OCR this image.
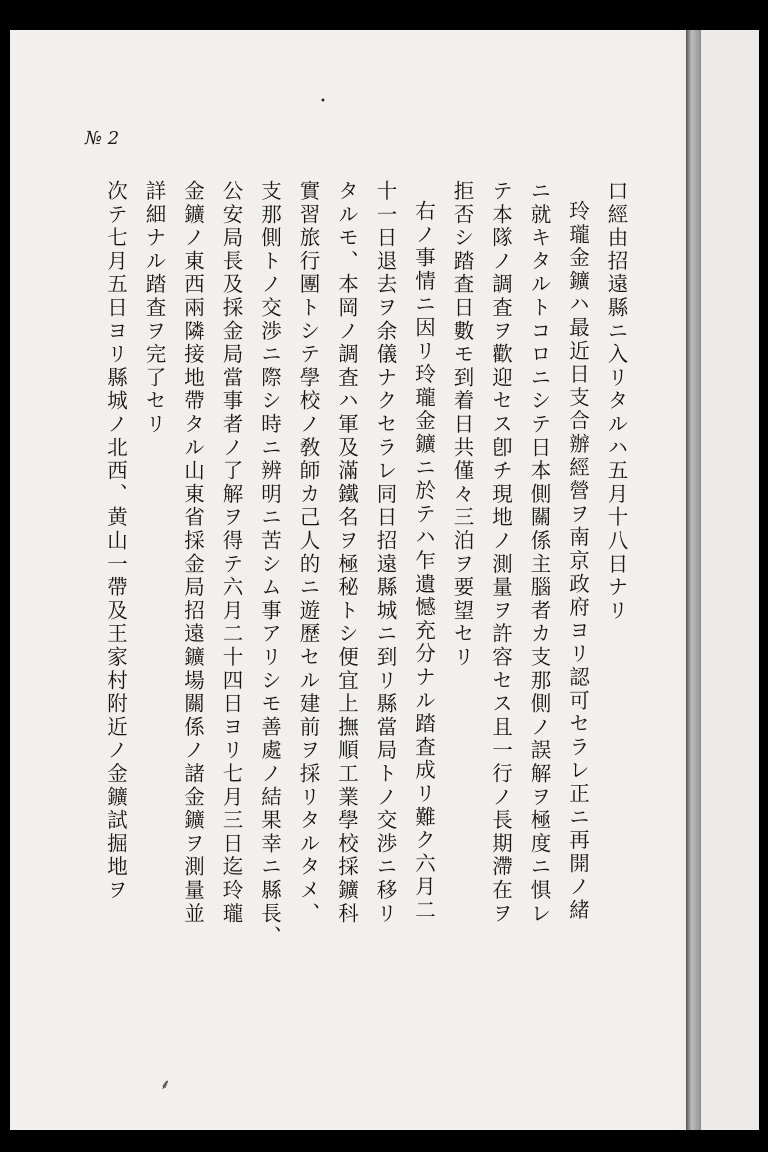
№ 2
口經由招遠縣ニ入リタルハ五月十八日ナリ
玲瓏金鑛ハ最近日支合辦經營ヲ南京政府ヨリ認可セラレ正ニ再開ノ緒
ニ就キタルトコロニシテ日本側關係主腦者カ支那側ノ誤解ヲ極度ニ惧レ
テ本隊ノ調査ヲ歡迎セス卽チ現地ノ測量ヲ許容セス且一行ノ長期滯在ヲ
拒否シ踏査日數モ到着日共僅々三泊ヲ要望セリ
右ノ事情ニ因リ玲瓏金鑛ニ於テハ乍遺憾充分ナル踏査成リ難ク六月二
十一日退去ヲ余儀ナクセラレ同日招遠縣城ニ到リ縣當局トノ交渉ニ移リ
タルモ、本岡ノ調査ハ軍及滿鐵名ヲ極秘トシ便宜上撫順工業學校採鑛科
實習旅行團トシテ學校ノ敎師カ己人的ニ遊歷セル建前ヲ採リタルタメ、
支那側トノ交渉ニ際シ時ニ辨明ニ苦シム事アリシモ善處ノ結果幸ニ縣長、
公安局長及採金局當事者ノ了解ヲ得テ六月二十四日ヨリ七月三日迄玲瓏
金鑛ノ東西兩隣接地帶タル山東省採金局招遠鑛場關係ノ諸金鑛ヲ測量並
詳細ナル踏査ヲ完了セリ
次テ七月五日ヨリ縣城ノ北西、黄山一帶及王家村附近ノ金鑛試掘地ヲ
•
⸙
